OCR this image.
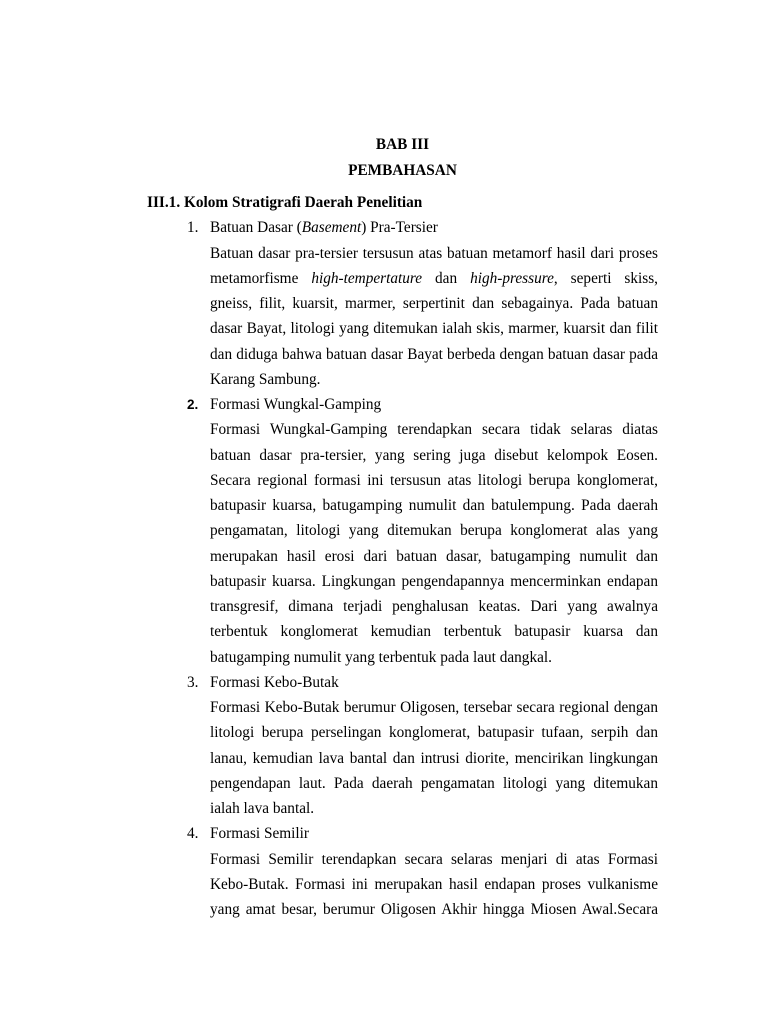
BAB III
PEMBAHASAN
III.1. Kolom Stratigrafi Daerah Penelitian
1. Batuan Dasar (Basement) Pra-Tersier
Batuan dasar pra-tersier tersusun atas batuan metamorf hasil dari proses
metamorfisme high-tempertature dan high-pressure, seperti skiss,
gneiss, filit, kuarsit, marmer, serpertinit dan sebagainya. Pada batuan
dasar Bayat, litologi yang ditemukan ialah skis, marmer, kuarsit dan filit
dan diduga bahwa batuan dasar Bayat berbeda dengan batuan dasar pada
Karang Sambung.
2. Formasi Wungkal-Gamping
Formasi Wungkal-Gamping terendapkan secara tidak selaras diatas
batuan dasar pra-tersier, yang sering juga disebut kelompok Eosen.
Secara regional formasi ini tersusun atas litologi berupa konglomerat,
batupasir kuarsa, batugamping numulit dan batulempung. Pada daerah
pengamatan, litologi yang ditemukan berupa konglomerat alas yang
merupakan hasil erosi dari batuan dasar, batugamping numulit dan
batupasir kuarsa. Lingkungan pengendapannya mencerminkan endapan
transgresif, dimana terjadi penghalusan keatas. Dari yang awalnya
terbentuk konglomerat kemudian terbentuk batupasir kuarsa dan
batugamping numulit yang terbentuk pada laut dangkal.
3. Formasi Kebo-Butak
Formasi Kebo-Butak berumur Oligosen, tersebar secara regional dengan
litologi berupa perselingan konglomerat, batupasir tufaan, serpih dan
lanau, kemudian lava bantal dan intrusi diorite, mencirikan lingkungan
pengendapan laut. Pada daerah pengamatan litologi yang ditemukan
ialah lava bantal.
4. Formasi Semilir
Formasi Semilir terendapkan secara selaras menjari di atas Formasi
Kebo-Butak. Formasi ini merupakan hasil endapan proses vulkanisme
yang amat besar, berumur Oligosen Akhir hingga Miosen Awal.Secara
